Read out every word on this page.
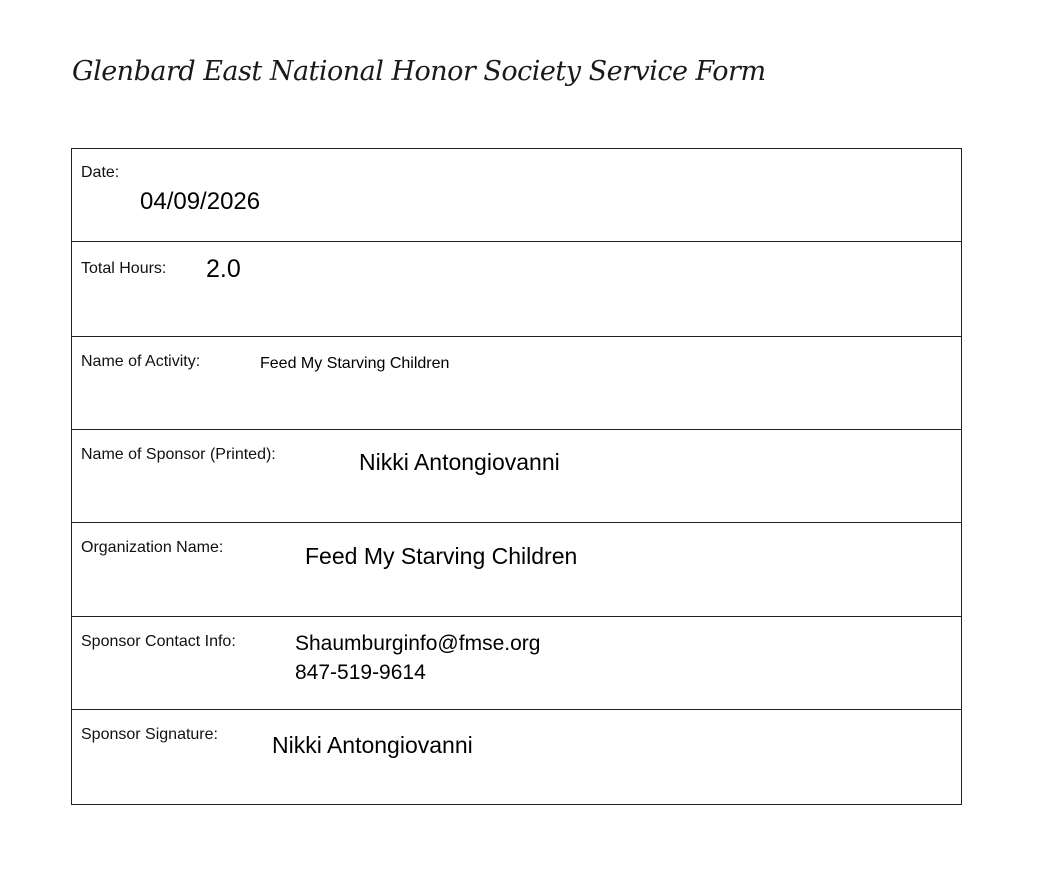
Glenbard East National Honor Society Service Form
Date:
04/09/2026
Total Hours: 2.0
Name of Activity:	Feed My Starving Children
Name of Sponsor (Printed):	Nikki Antongiovanni
Organization Name:	Feed My Starving Children
Sponsor Contact Info:	Shaumburginfo@fmse.org
847-519-9614
Sponsor Signature: Nikki Antongiovanni
